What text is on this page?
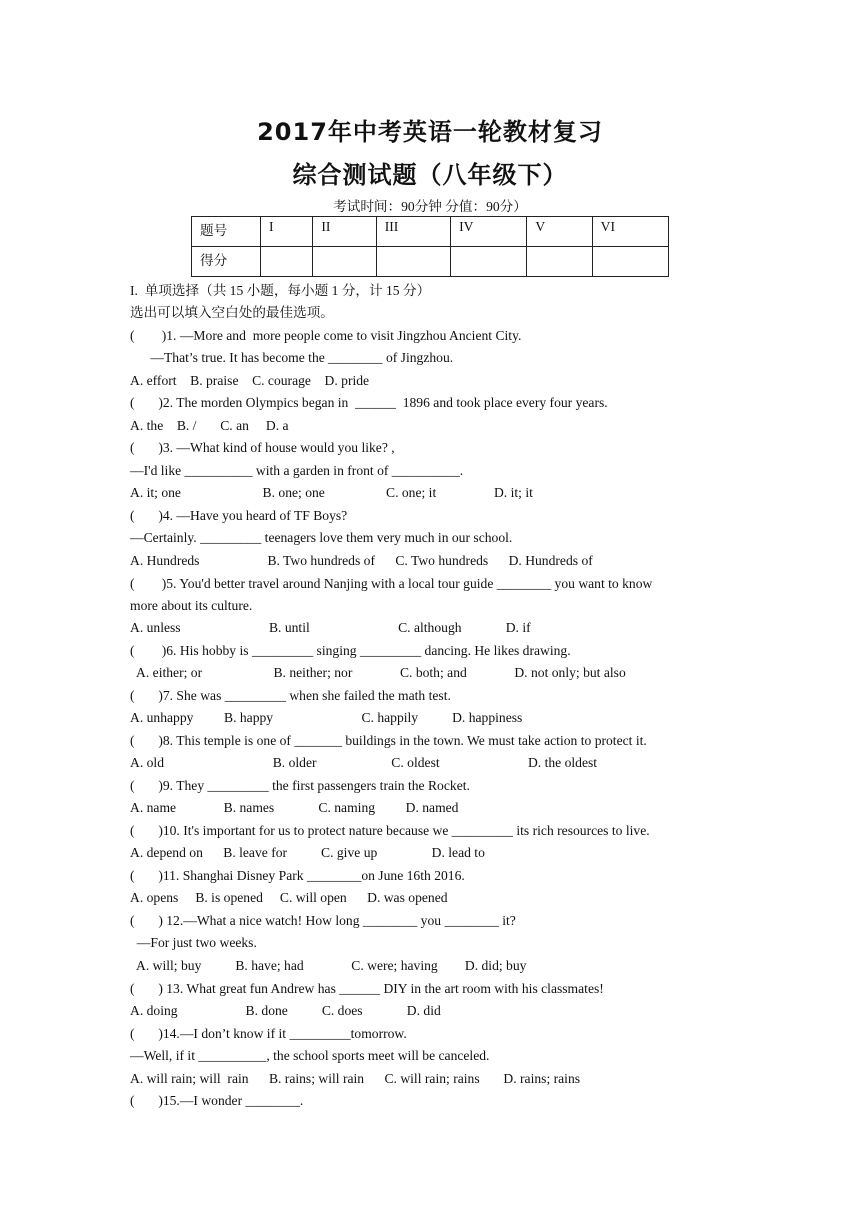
2017年中考英语一轮教材复习
综合测试题（八年级下）
考试时间：90分钟 分值：90分）
题号	I	II	III	IV	V	VI
得分						
I.  单项选择（共 15 小题，每小题 1 分，计 15 分）
选出可以填入空白处的最佳选项。
(        )1. —More and  more people come to visit Jingzhou Ancient City.
—That’s true. It has become the ________ of Jingzhou.
A. effort    B. praise    C. courage    D. pride
(       )2. The morden Olympics began in  ______  1896 and took place every four years.
A. the    B. /       C. an     D. a
(       )3. —What kind of house would you like? ,
—I'd like __________ with a garden in front of __________.
A. it; one                        B. one; one                  C. one; it                 D. it; it
(       )4. —Have you heard of TF Boys?
—Certainly. _________ teenagers love them very much in our school.
A. Hundreds                    B. Two hundreds of      C. Two hundreds      D. Hundreds of
(        )5. You'd better travel around Nanjing with a local tour guide ________ you want to know
more about its culture.
A. unless                          B. until                          C. although             D. if
(        )6. His hobby is _________ singing _________ dancing. He likes drawing.
A. either; or                     B. neither; nor              C. both; and              D. not only; but also
(       )7. She was _________ when she failed the math test.
A. unhappy         B. happy                          C. happily          D. happiness
(       )8. This temple is one of _______ buildings in the town. We must take action to protect it.
A. old                                B. older                      C. oldest                          D. the oldest
(       )9. They _________ the first passengers train the Rocket.
A. name              B. names             C. naming         D. named
(       )10. It's important for us to protect nature because we _________ its rich resources to live.
A. depend on      B. leave for          C. give up                D. lead to
(       )11. Shanghai Disney Park ________on June 16th 2016.
A. opens     B. is opened     C. will open      D. was opened
(       ) 12.—What a nice watch! How long ________ you ________ it?
—For just two weeks.
A. will; buy          B. have; had              C. were; having        D. did; buy
(       ) 13. What great fun Andrew has ______ DIY in the art room with his classmates!
A. doing                    B. done          C. does             D. did
(       )14.—I don’t know if it _________tomorrow.
—Well, if it __________, the school sports meet will be canceled.
A. will rain; will  rain      B. rains; will rain      C. will rain; rains       D. rains; rains
(       )15.—I wonder ________.
